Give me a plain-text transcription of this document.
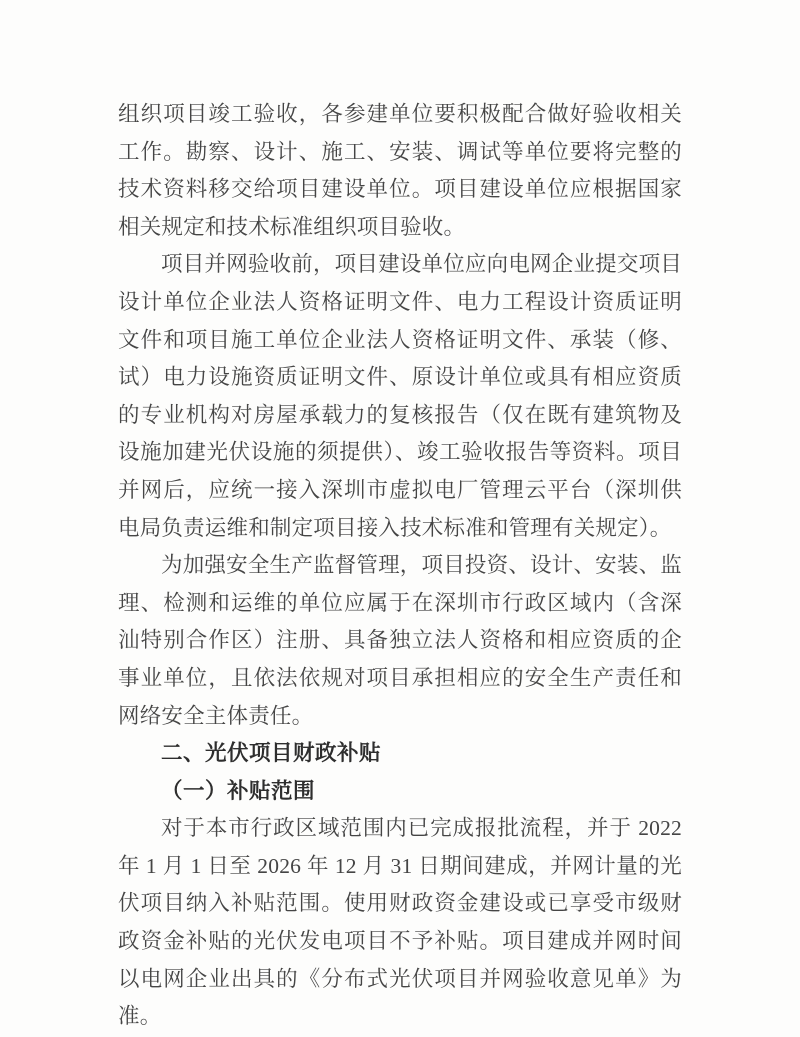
组织项目竣工验收，各参建单位要积极配合做好验收相关工作。勘察、设计、施工、安装、调试等单位要将完整的技术资料移交给项目建设单位。项目建设单位应根据国家相关规定和技术标准组织项目验收。

项目并网验收前，项目建设单位应向电网企业提交项目设计单位企业法人资格证明文件、电力工程设计资质证明文件和项目施工单位企业法人资格证明文件、承装（修、试）电力设施资质证明文件、原设计单位或具有相应资质的专业机构对房屋承载力的复核报告（仅在既有建筑物及设施加建光伏设施的须提供）、竣工验收报告等资料。项目并网后，应统一接入深圳市虚拟电厂管理云平台（深圳供电局负责运维和制定项目接入技术标准和管理有关规定）。

为加强安全生产监督管理，项目投资、设计、安装、监理、检测和运维的单位应属于在深圳市行政区域内（含深汕特别合作区）注册、具备独立法人资格和相应资质的企事业单位，且依法依规对项目承担相应的安全生产责任和网络安全主体责任。

二、光伏项目财政补贴
（一）补贴范围

对于本市行政区域范围内已完成报批流程，并于 2022 年 1 月 1 日至 2026 年 12 月 31 日期间建成，并网计量的光伏项目纳入补贴范围。使用财政资金建设或已享受市级财政资金补贴的光伏发电项目不予补贴。项目建成并网时间以电网企业出具的《分布式光伏项目并网验收意见单》为准。
